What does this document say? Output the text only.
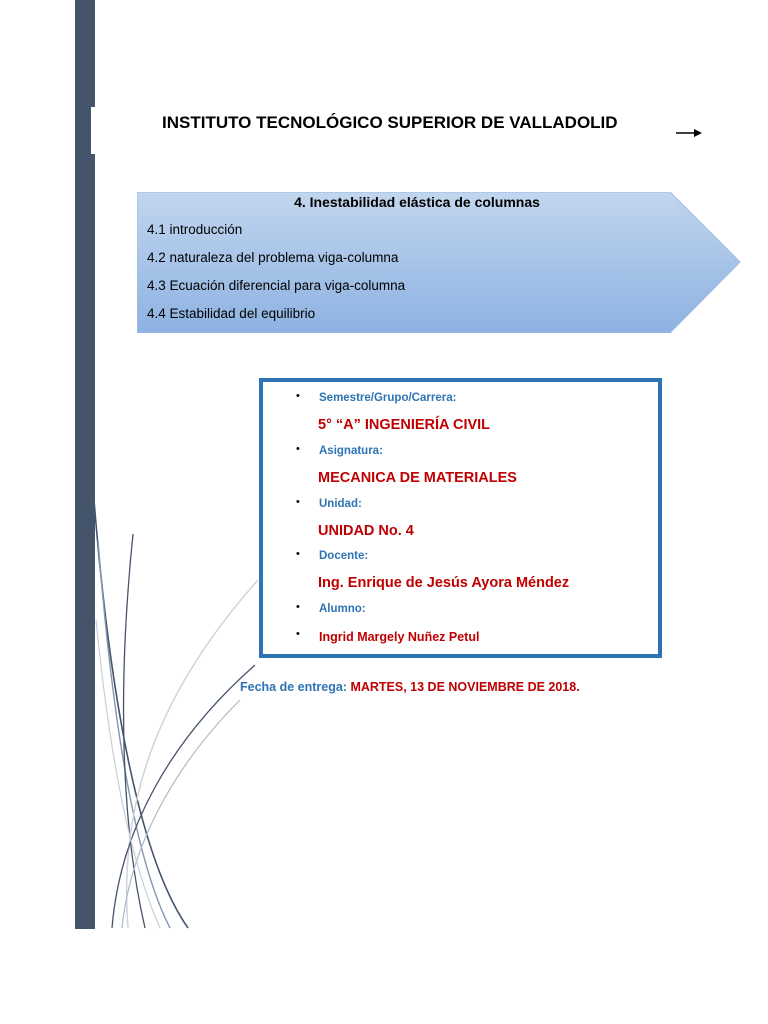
INSTITUTO TECNOLÓGICO SUPERIOR DE VALLADOLID
4. Inestabilidad elástica de columnas

4.1 introducción

4.2 naturaleza del problema viga-columna

4.3 Ecuación diferencial para viga-columna

4.4 Estabilidad del equilibrio

• Semestre/Grupo/Carrera:

5° “A” INGENIERÍA CIVIL

• Asignatura:

MECANICA DE MATERIALES

• Unidad:

UNIDAD No. 4

• Docente:

Ing. Enrique de Jesús Ayora Méndez

• Alumno:

• Ingrid Margely Nuñez Petul

Fecha de entrega: MARTES, 13 DE NOVIEMBRE DE 2018.
